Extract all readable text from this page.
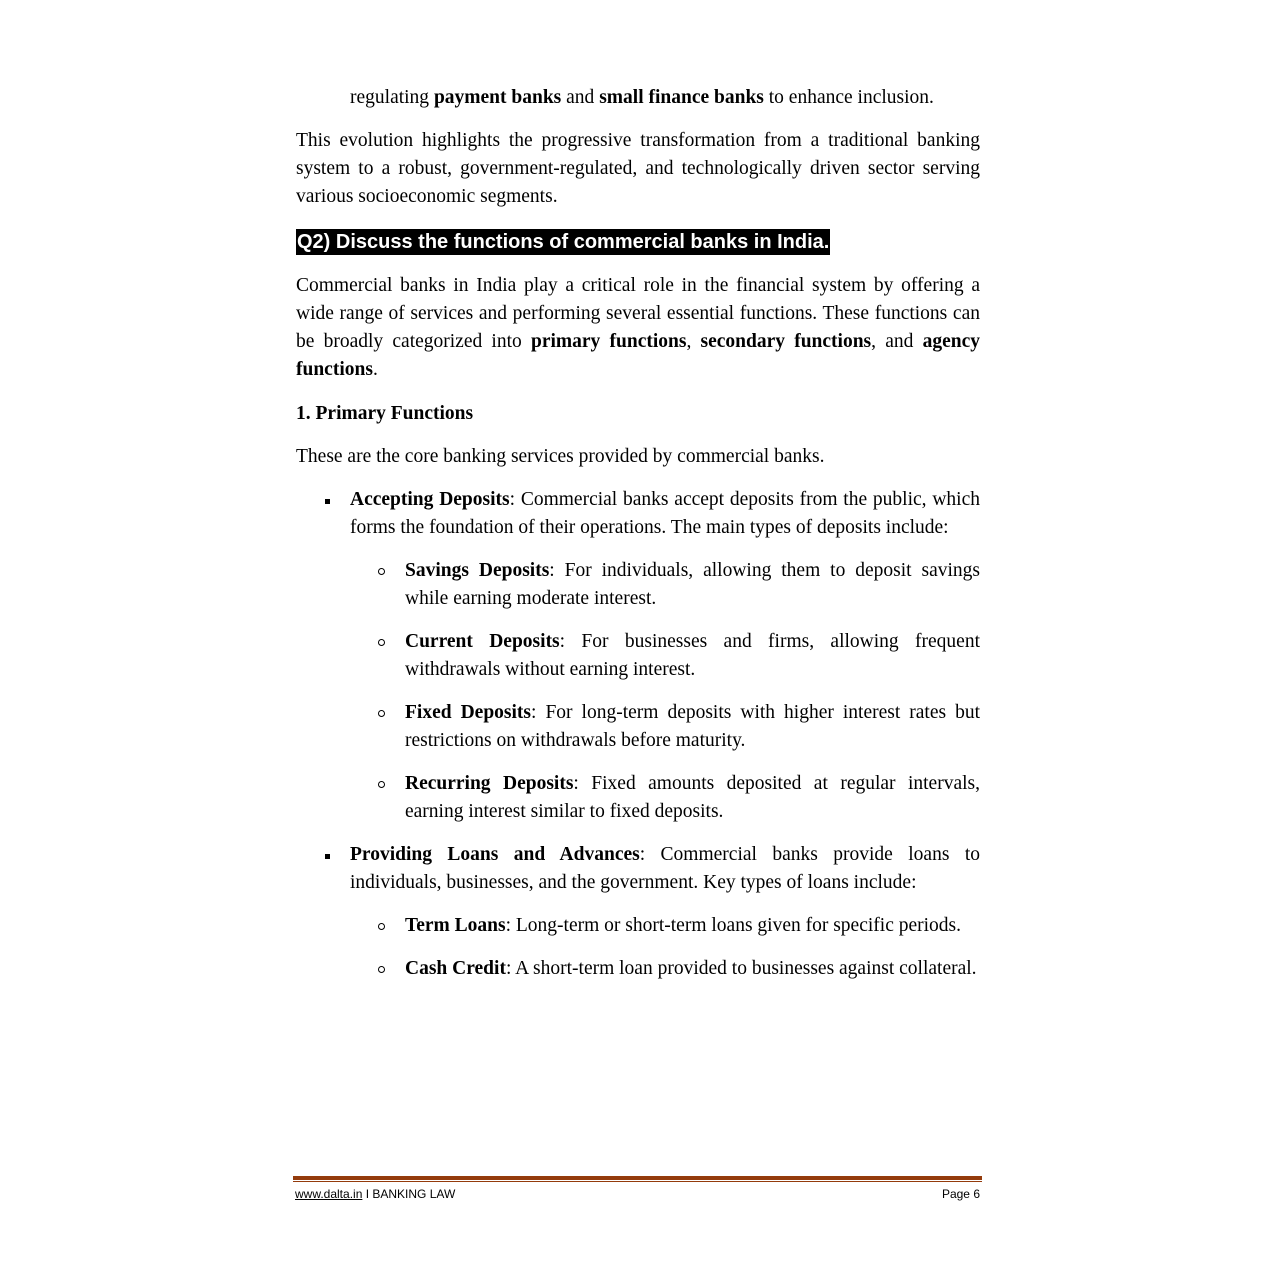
regulating payment banks and small finance banks to enhance inclusion.

This evolution highlights the progressive transformation from a traditional banking system to a robust, government-regulated, and technologically driven sector serving various socioeconomic segments.

Q2) Discuss the functions of commercial banks in India.

Commercial banks in India play a critical role in the financial system by offering a wide range of services and performing several essential functions. These functions can be broadly categorized into primary functions, secondary functions, and agency functions.

1. Primary Functions

These are the core banking services provided by commercial banks.

Accepting Deposits: Commercial banks accept deposits from the public, which forms the foundation of their operations. The main types of deposits include:

Savings Deposits: For individuals, allowing them to deposit savings while earning moderate interest.

Current Deposits: For businesses and firms, allowing frequent withdrawals without earning interest.

Fixed Deposits: For long-term deposits with higher interest rates but restrictions on withdrawals before maturity.

Recurring Deposits: Fixed amounts deposited at regular intervals, earning interest similar to fixed deposits.

Providing Loans and Advances: Commercial banks provide loans to individuals, businesses, and the government. Key types of loans include:

Term Loans: Long-term or short-term loans given for specific periods.

Cash Credit: A short-term loan provided to businesses against collateral.

www.dalta.in I BANKING LAW	Page 6
